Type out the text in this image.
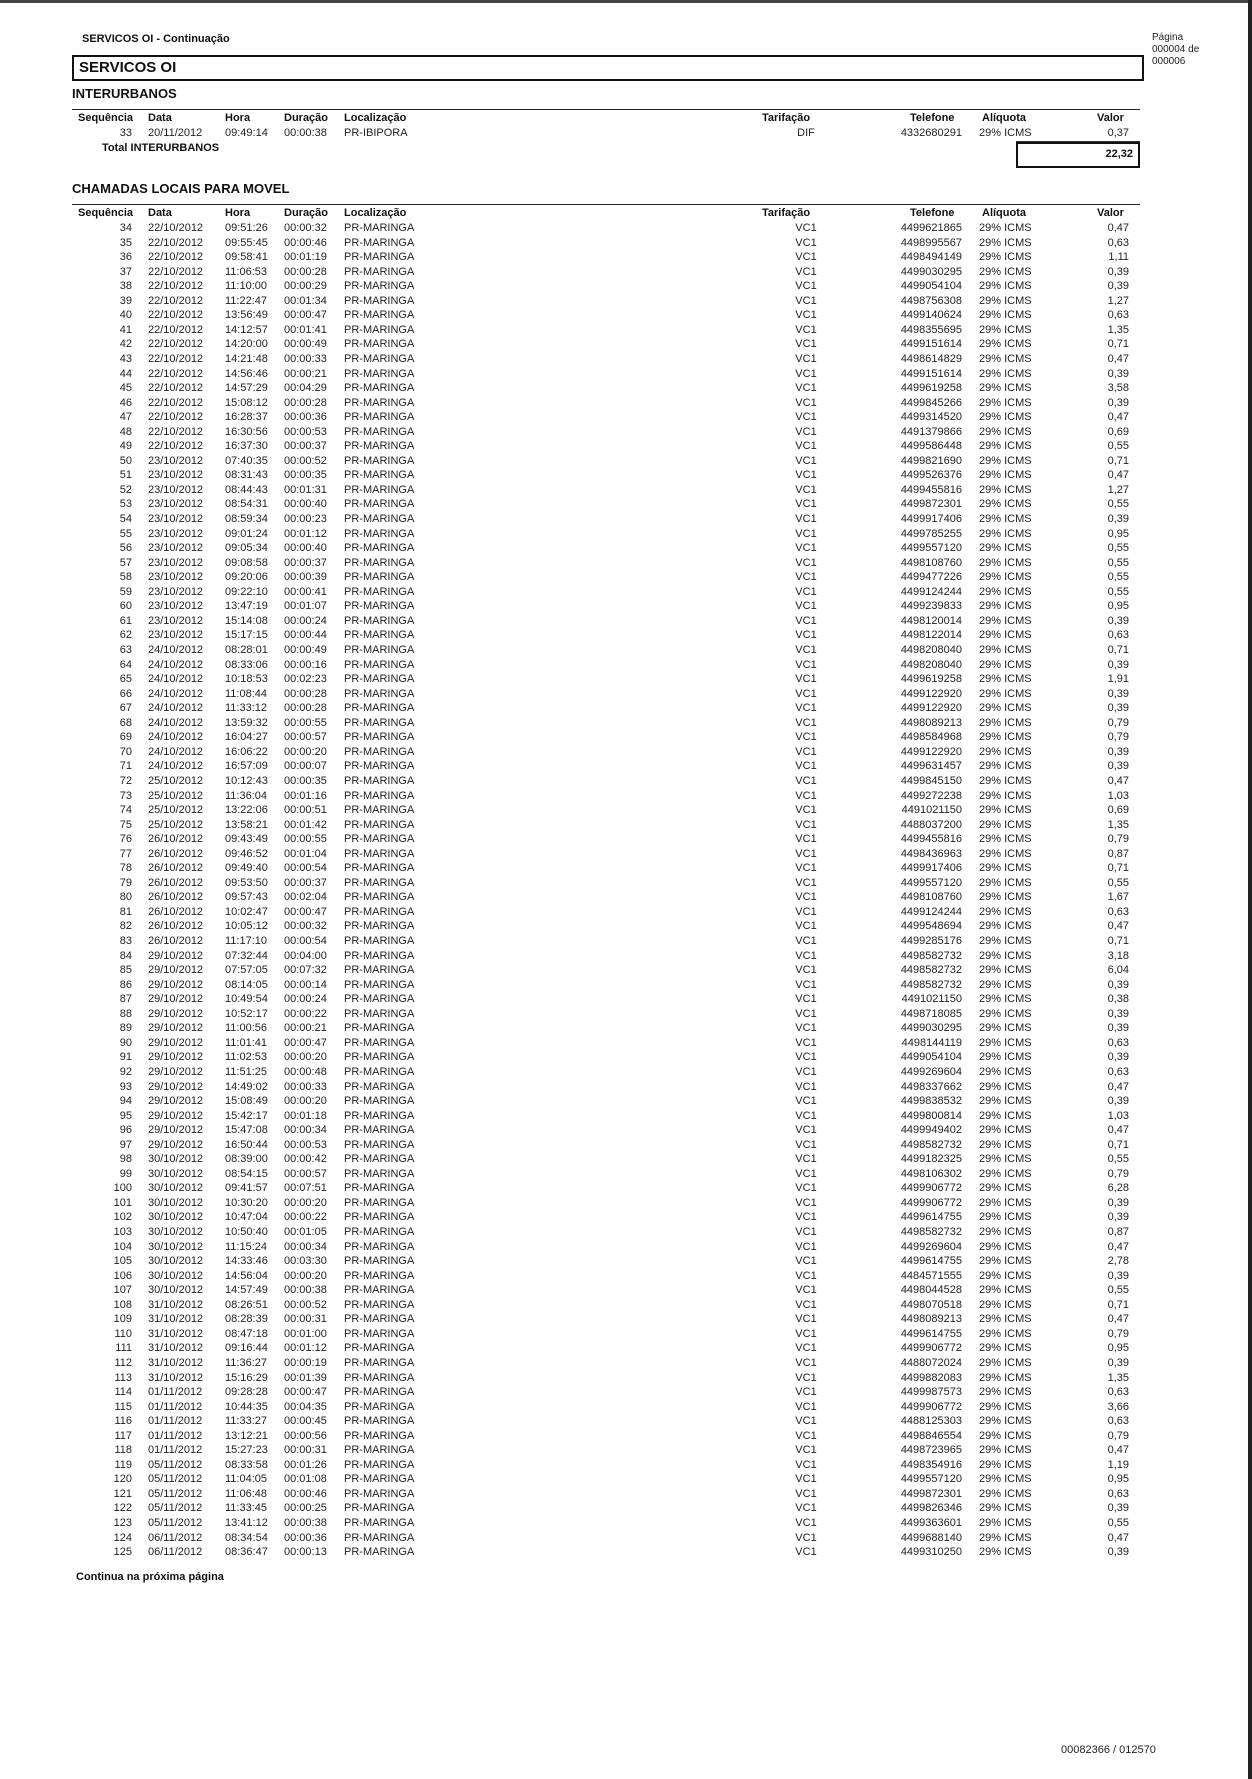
SERVICOS OI - Continuação	Página
000004 de
000006
SERVICOS OI
INTERURBANOS
Sequência Data	Hora	Duração Localização	Tarifação	Telefone	Alíquota	Valor
33 20/11/2012 09:49:14 00:00:38 PR-IBIPORA	DIF	4332680291 29% ICMS	0,37
Total INTERURBANOS	22,32
CHAMADAS LOCAIS PARA MOVEL
Sequência Data	Hora	Duração Localização	Tarifação	Telefone	Alíquota	Valor
34 22/10/2012 09:51:26 00:00:32 PR-MARINGA	VC1	4499621865 29% ICMS	0,47
35 22/10/2012 09:55:45 00:00:46 PR-MARINGA	VC1	4498995567 29% ICMS	0,63
36 22/10/2012 09:58:41 00:01:19 PR-MARINGA	VC1	4498494149 29% ICMS	1,11
37 22/10/2012 11:06:53 00:00:28 PR-MARINGA	VC1	4499030295 29% ICMS	0,39
38 22/10/2012 11:10:00 00:00:29 PR-MARINGA	VC1	4499054104 29% ICMS	0,39
39 22/10/2012 11:22:47 00:01:34 PR-MARINGA	VC1	4498756308 29% ICMS	1,27
40 22/10/2012 13:56:49 00:00:47 PR-MARINGA	VC1	4499140624 29% ICMS	0,63
41 22/10/2012 14:12:57 00:01:41 PR-MARINGA	VC1	4498355695 29% ICMS	1,35
42 22/10/2012 14:20:00 00:00:49 PR-MARINGA	VC1	4499151614 29% ICMS	0,71
43 22/10/2012 14:21:48 00:00:33 PR-MARINGA	VC1	4498614829 29% ICMS	0,47
44 22/10/2012 14:56:46 00:00:21 PR-MARINGA	VC1	4499151614 29% ICMS	0,39
45 22/10/2012 14:57:29 00:04:29 PR-MARINGA	VC1	4499619258 29% ICMS	3,58
46 22/10/2012 15:08:12 00:00:28 PR-MARINGA	VC1	4499845266 29% ICMS	0,39
47 22/10/2012 16:28:37 00:00:36 PR-MARINGA	VC1	4499314520 29% ICMS	0,47
48 22/10/2012 16:30:56 00:00:53 PR-MARINGA	VC1	4491379866 29% ICMS	0,69
49 22/10/2012 16:37:30 00:00:37 PR-MARINGA	VC1	4499586448 29% ICMS	0,55
50 23/10/2012 07:40:35 00:00:52 PR-MARINGA	VC1	4499821690 29% ICMS	0,71
51 23/10/2012 08:31:43 00:00:35 PR-MARINGA	VC1	4499526376 29% ICMS	0,47
52 23/10/2012 08:44:43 00:01:31 PR-MARINGA	VC1	4499455816 29% ICMS	1,27
53 23/10/2012 08:54:31 00:00:40 PR-MARINGA	VC1	4499872301 29% ICMS	0,55
54 23/10/2012 08:59:34 00:00:23 PR-MARINGA	VC1	4499917406 29% ICMS	0,39
55 23/10/2012 09:01:24 00:01:12 PR-MARINGA	VC1	4499785255 29% ICMS	0,95
56 23/10/2012 09:05:34 00:00:40 PR-MARINGA	VC1	4499557120 29% ICMS	0,55
57 23/10/2012 09:08:58 00:00:37 PR-MARINGA	VC1	4498108760 29% ICMS	0,55
58 23/10/2012 09:20:06 00:00:39 PR-MARINGA	VC1	4499477226 29% ICMS	0,55
59 23/10/2012 09:22:10 00:00:41 PR-MARINGA	VC1	4499124244 29% ICMS	0,55
60 23/10/2012 13:47:19 00:01:07 PR-MARINGA	VC1	4499239833 29% ICMS	0,95
61 23/10/2012 15:14:08 00:00:24 PR-MARINGA	VC1	4498120014 29% ICMS	0,39
62 23/10/2012 15:17:15 00:00:44 PR-MARINGA	VC1	4498122014 29% ICMS	0,63
63 24/10/2012 08:28:01 00:00:49 PR-MARINGA	VC1	4498208040 29% ICMS	0,71
64 24/10/2012 08:33:06 00:00:16 PR-MARINGA	VC1	4498208040 29% ICMS	0,39
65 24/10/2012 10:18:53 00:02:23 PR-MARINGA	VC1	4499619258 29% ICMS	1,91
66 24/10/2012 11:08:44 00:00:28 PR-MARINGA	VC1	4499122920 29% ICMS	0,39
67 24/10/2012 11:33:12 00:00:28 PR-MARINGA	VC1	4499122920 29% ICMS	0,39
68 24/10/2012 13:59:32 00:00:55 PR-MARINGA	VC1	4498089213 29% ICMS	0,79
69 24/10/2012 16:04:27 00:00:57 PR-MARINGA	VC1	4498584968 29% ICMS	0,79
70 24/10/2012 16:06:22 00:00:20 PR-MARINGA	VC1	4499122920 29% ICMS	0,39
71 24/10/2012 16:57:09 00:00:07 PR-MARINGA	VC1	4499631457 29% ICMS	0,39
72 25/10/2012 10:12:43 00:00:35 PR-MARINGA	VC1	4499845150 29% ICMS	0,47
73 25/10/2012 11:36:04 00:01:16 PR-MARINGA	VC1	4499272238 29% ICMS	1,03
74 25/10/2012 13:22:06 00:00:51 PR-MARINGA	VC1	4491021150 29% ICMS	0,69
75 25/10/2012 13:58:21 00:01:42 PR-MARINGA	VC1	4488037200 29% ICMS	1,35
76 26/10/2012 09:43:49 00:00:55 PR-MARINGA	VC1	4499455816 29% ICMS	0,79
77 26/10/2012 09:46:52 00:01:04 PR-MARINGA	VC1	4498436963 29% ICMS	0,87
78 26/10/2012 09:49:40 00:00:54 PR-MARINGA	VC1	4499917406 29% ICMS	0,71
79 26/10/2012 09:53:50 00:00:37 PR-MARINGA	VC1	4499557120 29% ICMS	0,55
80 26/10/2012 09:57:43 00:02:04 PR-MARINGA	VC1	4498108760 29% ICMS	1,67
81 26/10/2012 10:02:47 00:00:47 PR-MARINGA	VC1	4499124244 29% ICMS	0,63
82 26/10/2012 10:05:12 00:00:32 PR-MARINGA	VC1	4499548694 29% ICMS	0,47
83 26/10/2012 11:17:10 00:00:54 PR-MARINGA	VC1	4499285176 29% ICMS	0,71
84 29/10/2012 07:32:44 00:04:00 PR-MARINGA	VC1	4498582732 29% ICMS	3,18
85 29/10/2012 07:57:05 00:07:32 PR-MARINGA	VC1	4498582732 29% ICMS	6,04
86 29/10/2012 08:14:05 00:00:14 PR-MARINGA	VC1	4498582732 29% ICMS	0,39
87 29/10/2012 10:49:54 00:00:24 PR-MARINGA	VC1	4491021150 29% ICMS	0,38
88 29/10/2012 10:52:17 00:00:22 PR-MARINGA	VC1	4498718085 29% ICMS	0,39
89 29/10/2012 11:00:56 00:00:21 PR-MARINGA	VC1	4499030295 29% ICMS	0,39
90 29/10/2012 11:01:41 00:00:47 PR-MARINGA	VC1	4498144119 29% ICMS	0,63
91 29/10/2012 11:02:53 00:00:20 PR-MARINGA	VC1	4499054104 29% ICMS	0,39
92 29/10/2012 11:51:25 00:00:48 PR-MARINGA	VC1	4499269604 29% ICMS	0,63
93 29/10/2012 14:49:02 00:00:33 PR-MARINGA	VC1	4498337662 29% ICMS	0,47
94 29/10/2012 15:08:49 00:00:20 PR-MARINGA	VC1	4499838532 29% ICMS	0,39
95 29/10/2012 15:42:17 00:01:18 PR-MARINGA	VC1	4499800814 29% ICMS	1,03
96 29/10/2012 15:47:08 00:00:34 PR-MARINGA	VC1	4499949402 29% ICMS	0,47
97 29/10/2012 16:50:44 00:00:53 PR-MARINGA	VC1	4498582732 29% ICMS	0,71
98 30/10/2012 08:39:00 00:00:42 PR-MARINGA	VC1	4499182325 29% ICMS	0,55
99 30/10/2012 08:54:15 00:00:57 PR-MARINGA	VC1	4498106302 29% ICMS	0,79
100 30/10/2012 09:41:57 00:07:51 PR-MARINGA	VC1	4499906772 29% ICMS	6,28
101 30/10/2012 10:30:20 00:00:20 PR-MARINGA	VC1	4499906772 29% ICMS	0,39
102 30/10/2012 10:47:04 00:00:22 PR-MARINGA	VC1	4499614755 29% ICMS	0,39
103 30/10/2012 10:50:40 00:01:05 PR-MARINGA	VC1	4498582732 29% ICMS	0,87
104 30/10/2012 11:15:24 00:00:34 PR-MARINGA	VC1	4499269604 29% ICMS	0,47
105 30/10/2012 14:33:46 00:03:30 PR-MARINGA	VC1	4499614755 29% ICMS	2,78
106 30/10/2012 14:56:04 00:00:20 PR-MARINGA	VC1	4484571555 29% ICMS	0,39
107 30/10/2012 14:57:49 00:00:38 PR-MARINGA	VC1	4498044528 29% ICMS	0,55
108 31/10/2012 08:26:51 00:00:52 PR-MARINGA	VC1	4498070518 29% ICMS	0,71
109 31/10/2012 08:28:39 00:00:31 PR-MARINGA	VC1	4498089213 29% ICMS	0,47
110 31/10/2012 08:47:18 00:01:00 PR-MARINGA	VC1	4499614755 29% ICMS	0,79
111 31/10/2012 09:16:44 00:01:12 PR-MARINGA	VC1	4499906772 29% ICMS	0,95
112 31/10/2012 11:36:27 00:00:19 PR-MARINGA	VC1	4488072024 29% ICMS	0,39
113 31/10/2012 15:16:29 00:01:39 PR-MARINGA	VC1	4499882083 29% ICMS	1,35
114 01/11/2012 09:28:28 00:00:47 PR-MARINGA	VC1	4499987573 29% ICMS	0,63
115 01/11/2012 10:44:35 00:04:35 PR-MARINGA	VC1	4499906772 29% ICMS	3,66
116 01/11/2012 11:33:27 00:00:45 PR-MARINGA	VC1	4488125303 29% ICMS	0,63
117 01/11/2012 13:12:21 00:00:56 PR-MARINGA	VC1	4498846554 29% ICMS	0,79
118 01/11/2012 15:27:23 00:00:31 PR-MARINGA	VC1	4498723965 29% ICMS	0,47
119 05/11/2012 08:33:58 00:01:26 PR-MARINGA	VC1	4498354916 29% ICMS	1,19
120 05/11/2012 11:04:05 00:01:08 PR-MARINGA	VC1	4499557120 29% ICMS	0,95
121 05/11/2012 11:06:48 00:00:46 PR-MARINGA	VC1	4499872301 29% ICMS	0,63
122 05/11/2012 11:33:45 00:00:25 PR-MARINGA	VC1	4499826346 29% ICMS	0,39
123 05/11/2012 13:41:12 00:00:38 PR-MARINGA	VC1	4499363601 29% ICMS	0,55
124 06/11/2012 08:34:54 00:00:36 PR-MARINGA	VC1	4499688140 29% ICMS	0,47
125 06/11/2012 08:36:47 00:00:13 PR-MARINGA	VC1	4499310250 29% ICMS	0,39
Continua na próxima página
00082366 / 012570
